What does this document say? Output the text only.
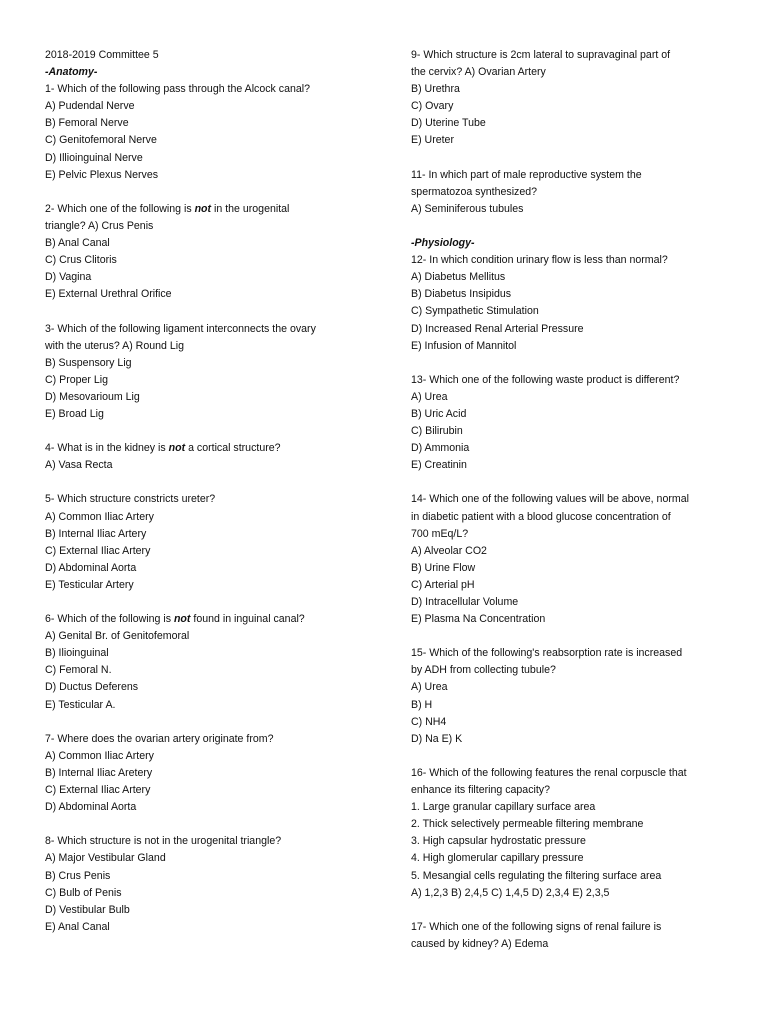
2018-2019 Committee 5
-Anatomy-
1- Which of the following pass through the Alcock canal?
A) Pudendal Nerve
B) Femoral Nerve
C) Genitofemoral Nerve
D) Illioinguinal Nerve
E) Pelvic Plexus Nerves
2- Which one of the following is not in the urogenital
triangle? A) Crus Penis
B) Anal Canal
C) Crus Clitoris
D) Vagina
E) External Urethral Orifice
3- Which of the following ligament interconnects the ovary
with the uterus? A) Round Lig
B) Suspensory Lig
C) Proper Lig
D) Mesovarioum Lig
E) Broad Lig
4- What is in the kidney is not a cortical structure?
A) Vasa Recta
5- Which structure constricts ureter?
A) Common Iliac Artery
B) Internal Iliac Artery
C) External Iliac Artery
D) Abdominal Aorta
E) Testicular Artery
6- Which of the following is not found in inguinal canal?
A) Genital Br. of Genitofemoral
B) Ilioinguinal
C) Femoral N.
D) Ductus Deferens
E) Testicular A.
7- Where does the ovarian artery originate from?
A) Common Iliac Artery
B) Internal Iliac Aretery
C) External Iliac Artery
D) Abdominal Aorta
8- Which structure is not in the urogenital triangle?
A) Major Vestibular Gland
B) Crus Penis
C) Bulb of Penis
D) Vestibular Bulb
E) Anal Canal
9- Which structure is 2cm lateral to supravaginal part of
the cervix? A) Ovarian Artery
B) Urethra
C) Ovary
D) Uterine Tube
E) Ureter
11- In which part of male reproductive system the
spermatozoa synthesized?
A) Seminiferous tubules
-Physiology-
12- In which condition urinary flow is less than normal?
A) Diabetus Mellitus
B) Diabetus Insipidus
C) Sympathetic Stimulation
D) Increased Renal Arterial Pressure
E) Infusion of Mannitol
13- Which one of the following waste product is different?
A) Urea
B) Uric Acid
C) Bilirubin
D) Ammonia
E) Creatinin
14- Which one of the following values will be above, normal
in diabetic patient with a blood glucose concentration of
700 mEq/L?
A) Alveolar CO2
B) Urine Flow
C) Arterial pH
D) Intracellular Volume
E) Plasma Na Concentration
15- Which of the following's reabsorption rate is increased
by ADH from collecting tubule?
A) Urea
B) H
C) NH4
D) Na E) K
16- Which of the following features the renal corpuscle that
enhance its filtering capacity?
1. Large granular capillary surface area
2. Thick selectively permeable filtering membrane
3. High capsular hydrostatic pressure
4. High glomerular capillary pressure
5. Mesangial cells regulating the filtering surface area
A) 1,2,3 B) 2,4,5 C) 1,4,5 D) 2,3,4 E) 2,3,5
17- Which one of the following signs of renal failure is
caused by kidney? A) Edema
